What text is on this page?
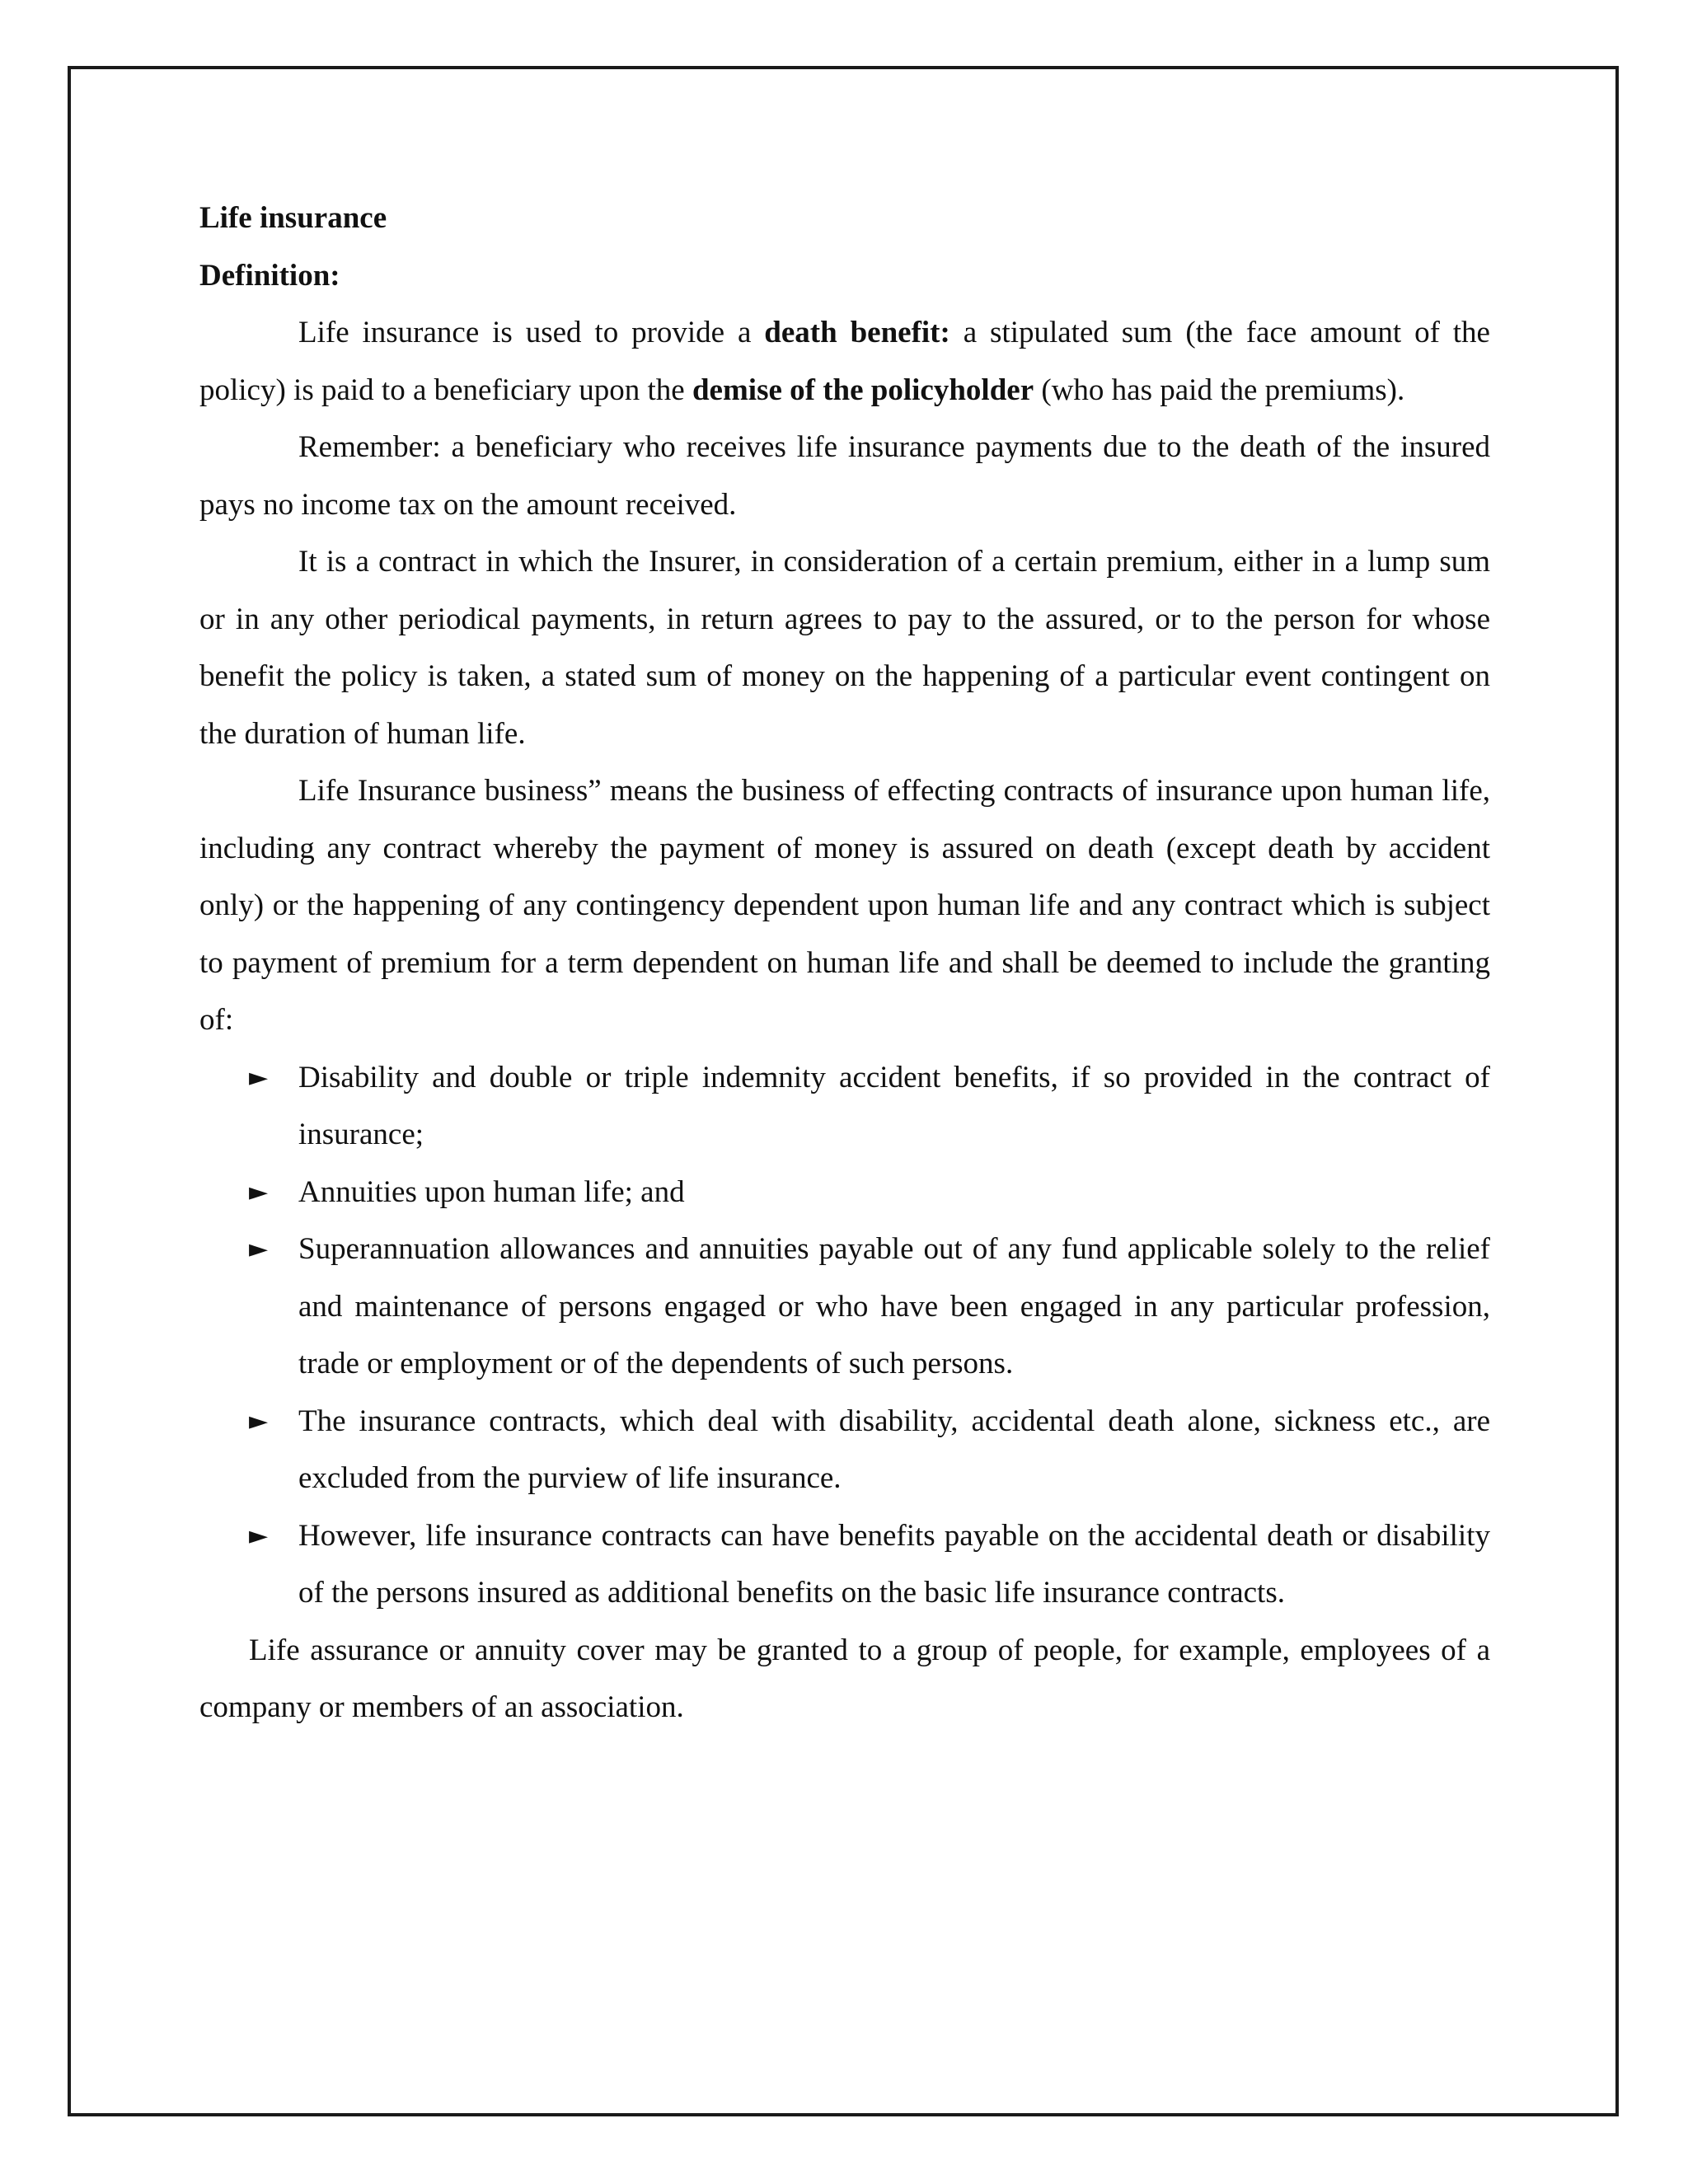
Life insurance
Definition:

Life insurance is used to provide a death benefit: a stipulated sum (the face amount of the policy) is paid to a beneficiary upon the demise of the policyholder (who has paid the premiums).

Remember: a beneficiary who receives life insurance payments due to the death of the insured pays no income tax on the amount received.

It is a contract in which the Insurer, in consideration of a certain premium, either in a lump sum or in any other periodical payments, in return agrees to pay to the assured, or to the person for whose benefit the policy is taken, a stated sum of money on the happening of a particular event contingent on the duration of human life.

Life Insurance business” means the business of effecting contracts of insurance upon human life, including any contract whereby the payment of money is assured on death (except death by accident only) or the happening of any contingency dependent upon human life and any contract which is subject to payment of premium for a term dependent on human life and shall be deemed to include the granting of:

► Disability and double or triple indemnity accident benefits, if so provided in the contract of insurance;
► Annuities upon human life; and
► Superannuation allowances and annuities payable out of any fund applicable solely to the relief and maintenance of persons engaged or who have been engaged in any particular profession, trade or employment or of the dependents of such persons.
► The insurance contracts, which deal with disability, accidental death alone, sickness etc., are excluded from the purview of life insurance.
► However, life insurance contracts can have benefits payable on the accidental death or disability of the persons insured as additional benefits on the basic life insurance contracts.

Life assurance or annuity cover may be granted to a group of people, for example, employees of a company or members of an association.
